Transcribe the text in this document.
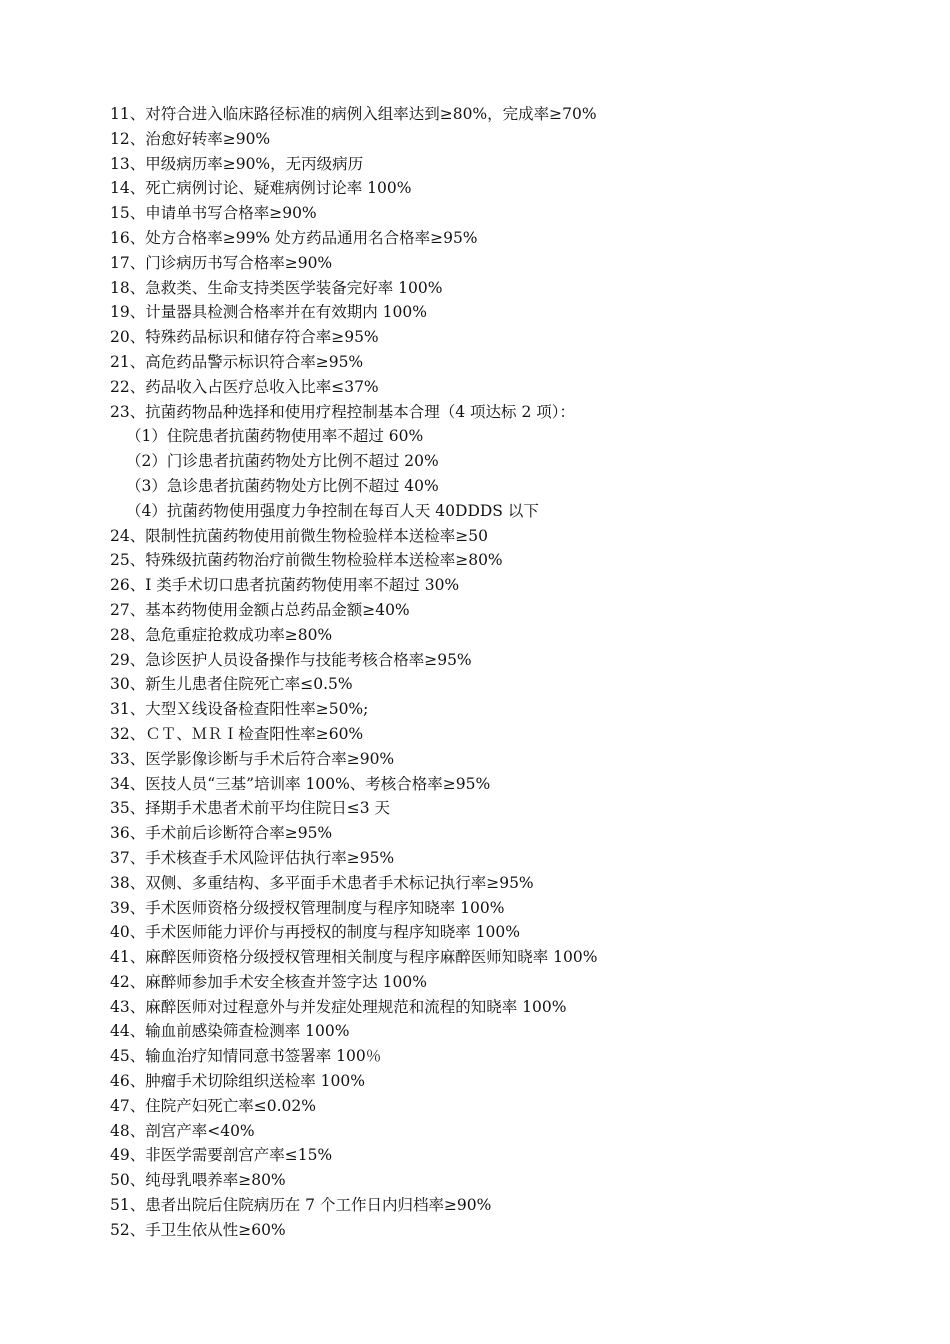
11、对符合进入临床路径标准的病例入组率达到≥80%，完成率≥70%
12、治愈好转率≥90%
13、甲级病历率≥90%，无丙级病历
14、死亡病例讨论、疑难病例讨论率 100%
15、申请单书写合格率≥90%
16、处方合格率≥99% 处方药品通用名合格率≥95%
17、门诊病历书写合格率≥90%
18、急救类、生命支持类医学装备完好率 100%
19、计量器具检测合格率并在有效期内 100%
20、特殊药品标识和储存符合率≥95%
21、高危药品警示标识符合率≥95%
22、药品收入占医疗总收入比率≤37%
23、抗菌药物品种选择和使用疗程控制基本合理（4 项达标 2 项）：
（1）住院患者抗菌药物使用率不超过 60%
（2）门诊患者抗菌药物处方比例不超过 20%
（3）急诊患者抗菌药物处方比例不超过 40%
（4）抗菌药物使用强度力争控制在每百人天 40DDDS 以下
24、限制性抗菌药物使用前微生物检验样本送检率≥50
25、特殊级抗菌药物治疗前微生物检验样本送检率≥80%
26、I 类手术切口患者抗菌药物使用率不超过 30%
27、基本药物使用金额占总药品金额≥40%
28、急危重症抢救成功率≥80%
29、急诊医护人员设备操作与技能考核合格率≥95%
30、新生儿患者住院死亡率≤0.5%
31、大型Ｘ线设备检查阳性率≥50%;
32、ＣＴ、ＭＲＩ检查阳性率≥60%
33、医学影像诊断与手术后符合率≥90%
34、医技人员“三基”培训率 100%、考核合格率≥95%
35、择期手术患者术前平均住院日≤3 天
36、手术前后诊断符合率≥95%
37、手术核查手术风险评估执行率≥95%
38、双侧、多重结构、多平面手术患者手术标记执行率≥95%
39、手术医师资格分级授权管理制度与程序知晓率 100%
40、手术医师能力评价与再授权的制度与程序知晓率 100%
41、麻醉医师资格分级授权管理相关制度与程序麻醉医师知晓率 100%
42、麻醉师参加手术安全核查并签字达 100%
43、麻醉医师对过程意外与并发症处理规范和流程的知晓率 100%
44、输血前感染筛查检测率 100%
45、输血治疗知情同意书签署率 100％
46、肿瘤手术切除组织送检率 100%
47、住院产妇死亡率≤0.02%
48、剖宫产率<40%
49、非医学需要剖宫产率≤15%
50、纯母乳喂养率≥80%
51、患者出院后住院病历在 7 个工作日内归档率≥90%
52、手卫生依从性≥60%
